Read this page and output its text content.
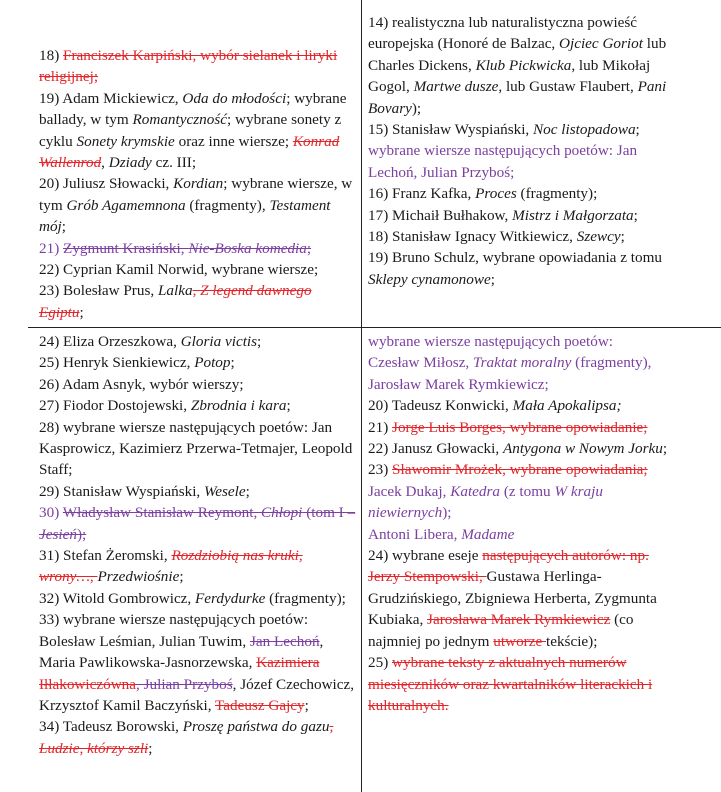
18) Franciszek Karpiński, wybór sielanek i liryki religijnej;

19) Adam Mickiewicz, Oda do młodości; wybrane ballady, w tym Romantyczność; wybrane sonety z cyklu Sonety krymskie oraz inne wiersze; Konrad Wallenrod, Dziady cz. III;

20) Juliusz Słowacki, Kordian; wybrane wiersze, w tym Grób Agamemnona (fragmenty), Testament mój;

21) Zygmunt Krasiński, Nie-Boska komedia;

22) Cyprian Kamil Norwid, wybrane wiersze;

23) Bolesław Prus, Lalka, Z legend dawnego Egiptu;

14) realistyczna lub naturalistyczna powieść europejska (Honoré de Balzac, Ojciec Goriot lub Charles Dickens, Klub Pickwicka, lub Mikołaj Gogol, Martwe dusze, lub Gustaw Flaubert, Pani Bovary);

15) Stanisław Wyspiański, Noc listopadowa;

wybrane wiersze następujących poetów: Jan Lechoń, Julian Przyboś;

16) Franz Kafka, Proces (fragmenty);

17) Michaił Bułhakow, Mistrz i Małgorzata;

18) Stanisław Ignacy Witkiewicz, Szewcy;

19) Bruno Schulz, wybrane opowiadania z tomu Sklepy cynamonowe;

24) Eliza Orzeszkowa, Gloria victis;

25) Henryk Sienkiewicz, Potop;

26) Adam Asnyk, wybór wierszy;

27) Fiodor Dostojewski, Zbrodnia i kara;

28) wybrane wiersze następujących poetów: Jan Kasprowicz, Kazimierz Przerwa-Tetmajer, Leopold Staff;

29) Stanisław Wyspiański, Wesele;

30) Władysław Stanisław Reymont, Chłopi (tom I – Jesień);

31) Stefan Żeromski, Rozdziobią nas kruki, wrony…, Przedwiośnie;

32) Witold Gombrowicz, Ferdydurke (fragmenty);

33) wybrane wiersze następujących poetów: Bolesław Leśmian, Julian Tuwim, Jan Lechoń, Maria Pawlikowska-Jasnorzewska, Kazimiera Iłłakowiczówna, Julian Przyboś, Józef Czechowicz, Krzysztof Kamil Baczyński, Tadeusz Gajcy;

34) Tadeusz Borowski, Proszę państwa do gazu, Ludzie, którzy szli;

wybrane wiersze następujących poetów: Czesław Miłosz, Traktat moralny (fragmenty), Jarosław Marek Rymkiewicz;

20) Tadeusz Konwicki, Mała Apokalipsa;

21) Jorge Luis Borges, wybrane opowiadanie;

22) Janusz Głowacki, Antygona w Nowym Jorku;

23) Sławomir Mrożek, wybrane opowiadania;

Jacek Dukaj, Katedra (z tomu W kraju niewiernych);

Antoni Libera, Madame

24) wybrane eseje następujących autorów: np. Jerzy Stempowski, Gustawa Herlinga-Grudzińskiego, Zbigniewa Herberta, Zygmunta Kubiaka, Jarosława Marek Rymkiewicz (co najmniej po jednym utworze tekście);

25) wybrane teksty z aktualnych numerów miesięczników oraz kwartalników literackich i kulturalnych.
